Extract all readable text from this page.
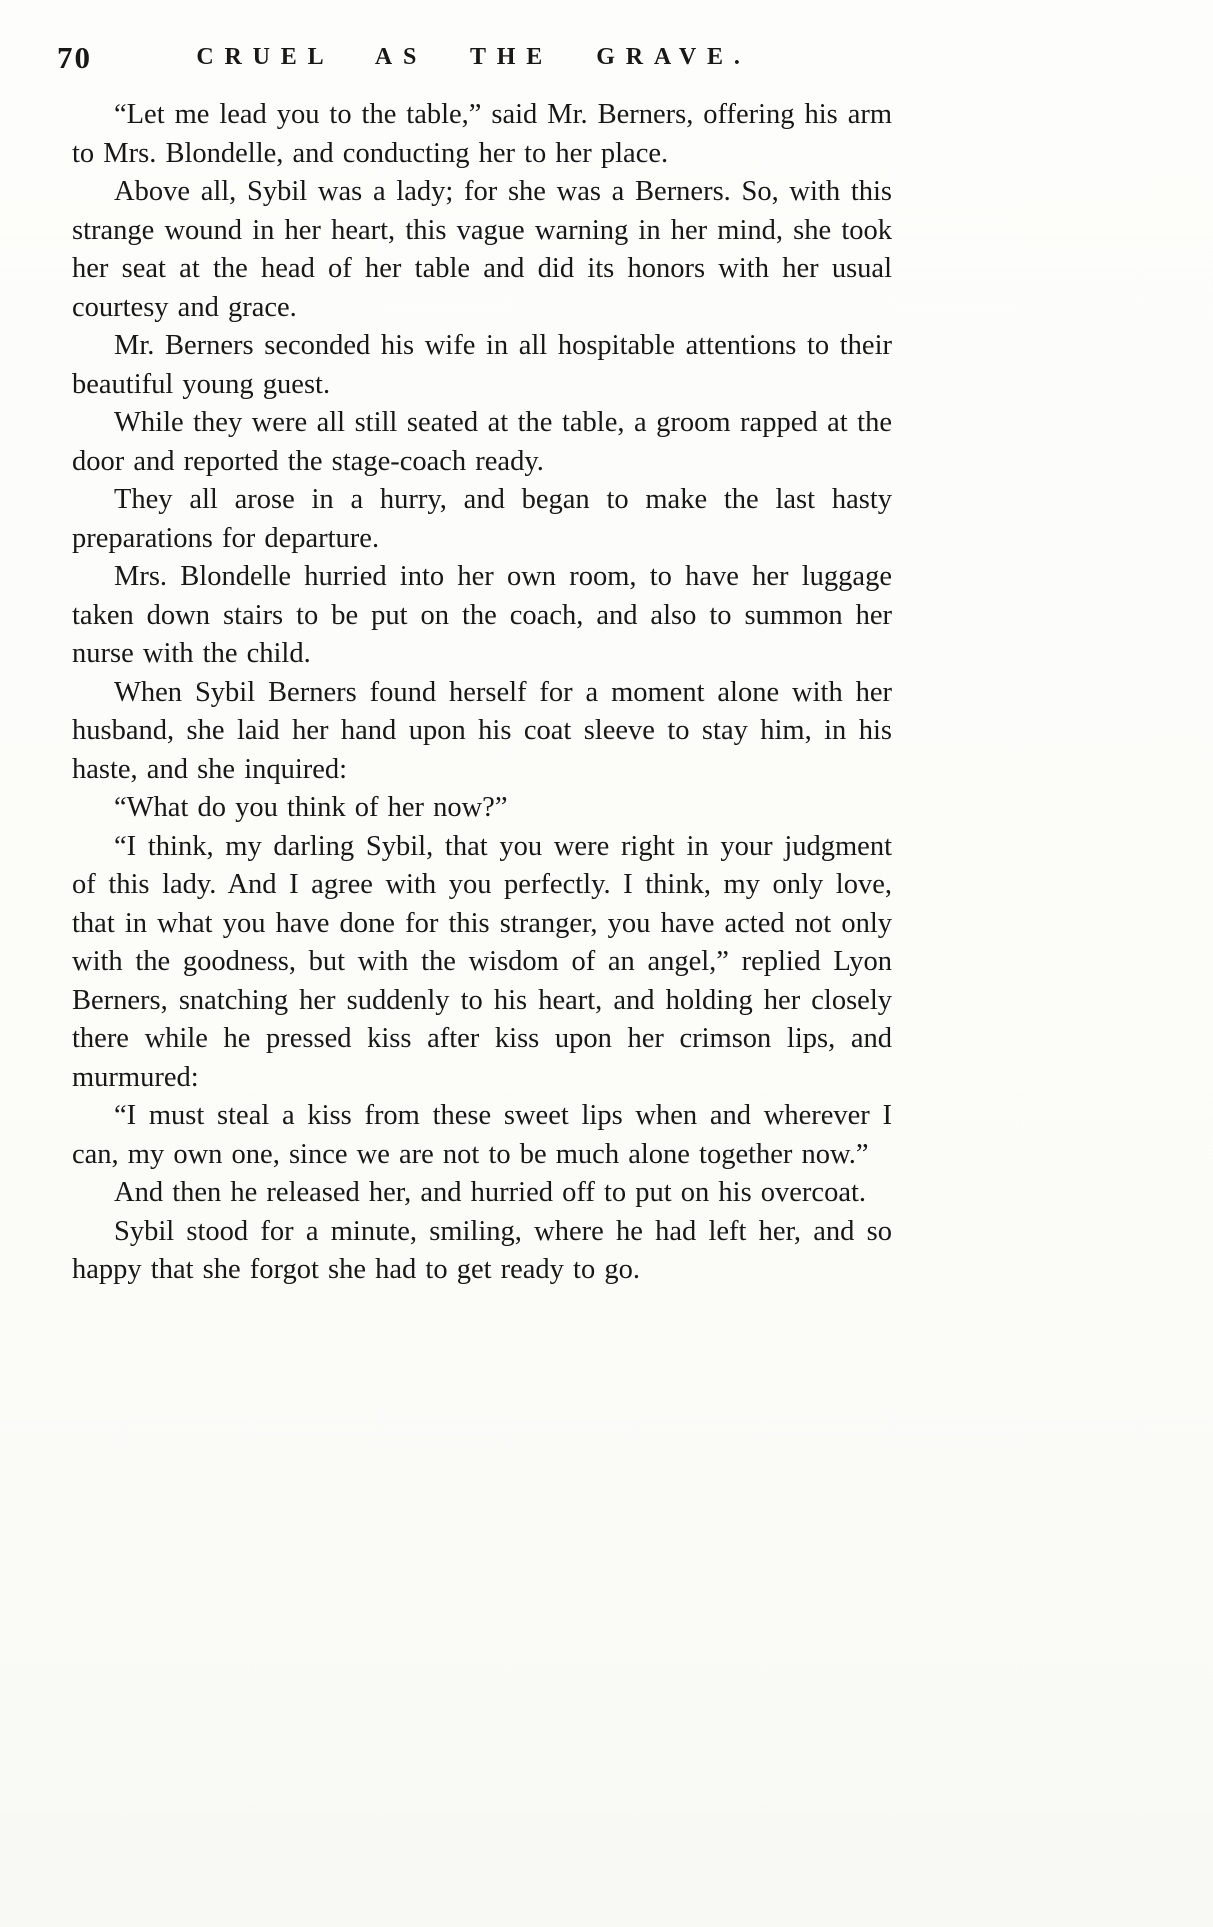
70	CRUEL AS THE GRAVE.

“Let me lead you to the table,” said Mr. Berners, offering his arm to Mrs. Blondelle, and conducting her to her place.

Above all, Sybil was a lady; for she was a Berners. So, with this strange wound in her heart, this vague warning in her mind, she took her seat at the head of her table and did its honors with her usual courtesy and grace.

Mr. Berners seconded his wife in all hospitable attentions to their beautiful young guest.

While they were all still seated at the table, a groom rapped at the door and reported the stage-coach ready.

They all arose in a hurry, and began to make the last hasty preparations for departure.

Mrs. Blondelle hurried into her own room, to have her luggage taken down stairs to be put on the coach, and also to summon her nurse with the child.

When Sybil Berners found herself for a moment alone with her husband, she laid her hand upon his coat sleeve to stay him, in his haste, and she inquired:

“What do you think of her now?”

“I think, my darling Sybil, that you were right in your judgment of this lady. And I agree with you perfectly. I think, my only love, that in what you have done for this stranger, you have acted not only with the goodness, but with the wisdom of an angel,” replied Lyon Berners, snatching her suddenly to his heart, and holding her closely there while he pressed kiss after kiss upon her crimson lips, and murmured:

“I must steal a kiss from these sweet lips when and wherever I can, my own one, since we are not to be much alone together now.”

And then he released her, and hurried off to put on his overcoat.

Sybil stood for a minute, smiling, where he had left her, and so happy that she forgot she had to get ready to go.
